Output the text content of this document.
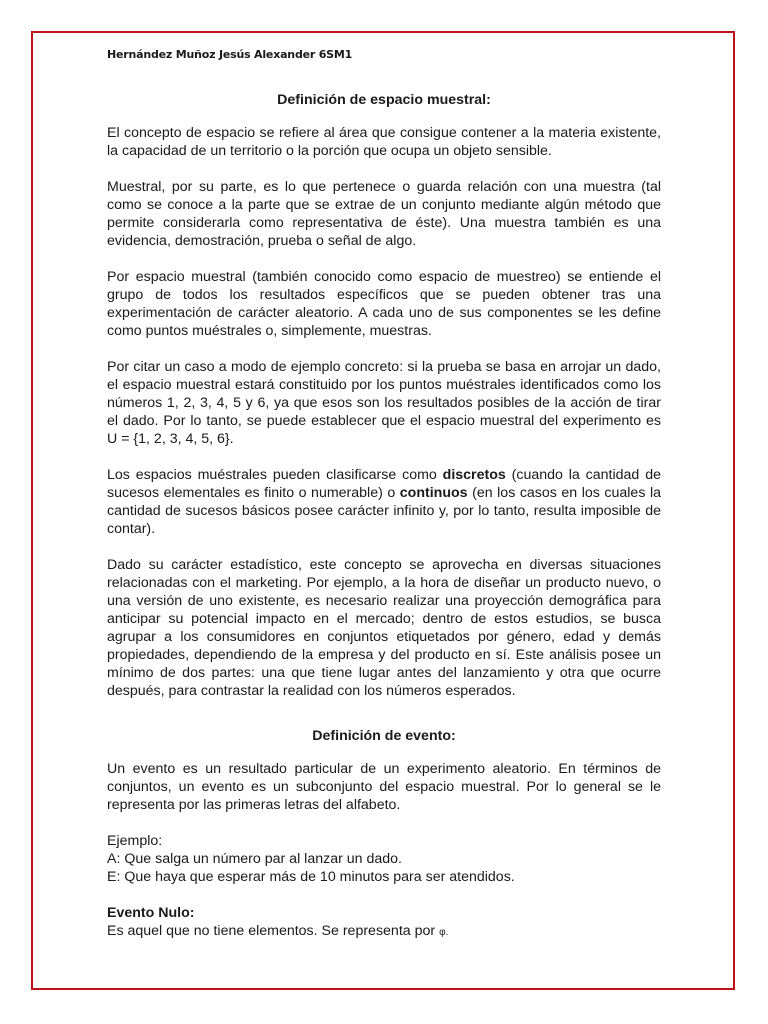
Hernández Muñoz Jesús Alexander 6SM1

Definición de espacio muestral:

El concepto de espacio se refiere al área que consigue contener a la materia existente, la capacidad de un territorio o la porción que ocupa un objeto sensible.

Muestral, por su parte, es lo que pertenece o guarda relación con una muestra (tal como se conoce a la parte que se extrae de un conjunto mediante algún método que permite considerarla como representativa de éste). Una muestra también es una evidencia, demostración, prueba o señal de algo.

Por espacio muestral (también conocido como espacio de muestreo) se entiende el grupo de todos los resultados específicos que se pueden obtener tras una experimentación de carácter aleatorio. A cada uno de sus componentes se les define como puntos muéstrales o, simplemente, muestras.

Por citar un caso a modo de ejemplo concreto: si la prueba se basa en arrojar un dado, el espacio muestral estará constituido por los puntos muéstrales identificados como los números 1, 2, 3, 4, 5 y 6, ya que esos son los resultados posibles de la acción de tirar el dado. Por lo tanto, se puede establecer que el espacio muestral del experimento es U = {1, 2, 3, 4, 5, 6}.

Los espacios muéstrales pueden clasificarse como discretos (cuando la cantidad de sucesos elementales es finito o numerable) o continuos (en los casos en los cuales la cantidad de sucesos básicos posee carácter infinito y, por lo tanto, resulta imposible de contar).

Dado su carácter estadístico, este concepto se aprovecha en diversas situaciones relacionadas con el marketing. Por ejemplo, a la hora de diseñar un producto nuevo, o una versión de uno existente, es necesario realizar una proyección demográfica para anticipar su potencial impacto en el mercado; dentro de estos estudios, se busca agrupar a los consumidores en conjuntos etiquetados por género, edad y demás propiedades, dependiendo de la empresa y del producto en sí. Este análisis posee un mínimo de dos partes: una que tiene lugar antes del lanzamiento y otra que ocurre después, para contrastar la realidad con los números esperados.

Definición de evento:

Un evento es un resultado particular de un experimento aleatorio. En términos de conjuntos, un evento es un subconjunto del espacio muestral. Por lo general se le representa por las primeras letras del alfabeto.

Ejemplo:

A: Que salga un número par al lanzar un dado.

E: Que haya que esperar más de 10 minutos para ser atendidos.

Evento Nulo:

Es aquel que no tiene elementos. Se representa por φ.
